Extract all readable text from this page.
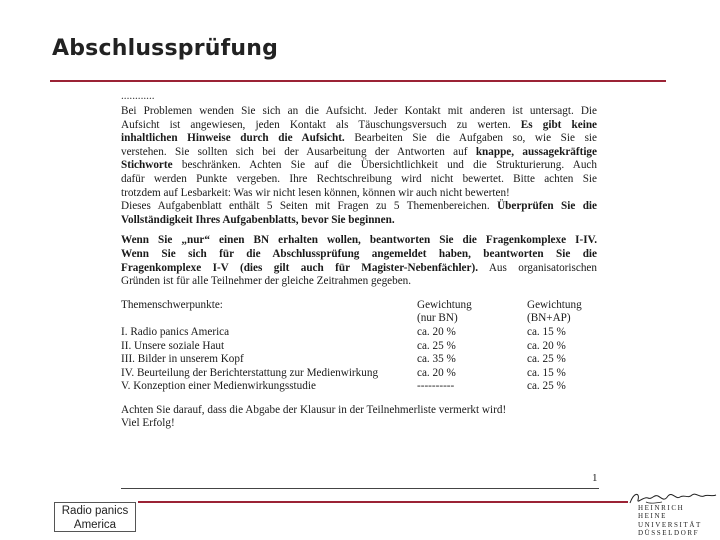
Abschlussprüfung

............

Bei Problemen wenden Sie sich an die Aufsicht. Jeder Kontakt mit anderen ist untersagt. Die

Aufsicht ist angewiesen, jeden Kontakt als Täuschungsversuch zu werten. Es gibt keine

inhaltlichen Hinweise durch die Aufsicht. Bearbeiten Sie die Aufgaben so, wie Sie sie

verstehen. Sie sollten sich bei der Ausarbeitung der Antworten auf knappe, aussagekräftige

Stichworte beschränken. Achten Sie auf die Übersichtlichkeit und die Strukturierung. Auch

dafür werden Punkte vergeben. Ihre Rechtschreibung wird nicht bewertet. Bitte achten Sie

trotzdem auf Lesbarkeit: Was wir nicht lesen können, können wir auch nicht bewerten!

Dieses Aufgabenblatt enthält 5 Seiten mit Fragen zu 5 Themenbereichen. Überprüfen Sie die

Vollständigkeit Ihres Aufgabenblatts, bevor Sie beginnen.

Wenn Sie „nur“ einen BN erhalten wollen, beantworten Sie die Fragenkomplexe I-IV.

Wenn Sie sich für die Abschlussprüfung angemeldet haben, beantworten Sie die

Fragenkomplexe I-V (dies gilt auch für Magister-Nebenfächler). Aus organisatorischen

Gründen ist für alle Teilnehmer der gleiche Zeitrahmen gegeben.

Themenschwerpunkte:	Gewichtung	Gewichtung
	(nur BN)	(BN+AP)
I. Radio panics America	ca. 20 %	ca. 15 %
II. Unsere soziale Haut	ca. 25 %	ca. 20 %
III. Bilder in unserem Kopf	ca. 35 %	ca. 25 %
IV. Beurteilung der Berichterstattung zur Medienwirkung	ca. 20 %	ca. 15 %
V. Konzeption einer Medienwirkungsstudie	----------	ca. 25 %

Achten Sie darauf, dass die Abgabe der Klausur in der Teilnehmerliste vermerkt wird!

Viel Erfolg!

1
Radio panics
America
HEINRICH HEINE
UNIVERSITÄT
DÜSSELDORF
